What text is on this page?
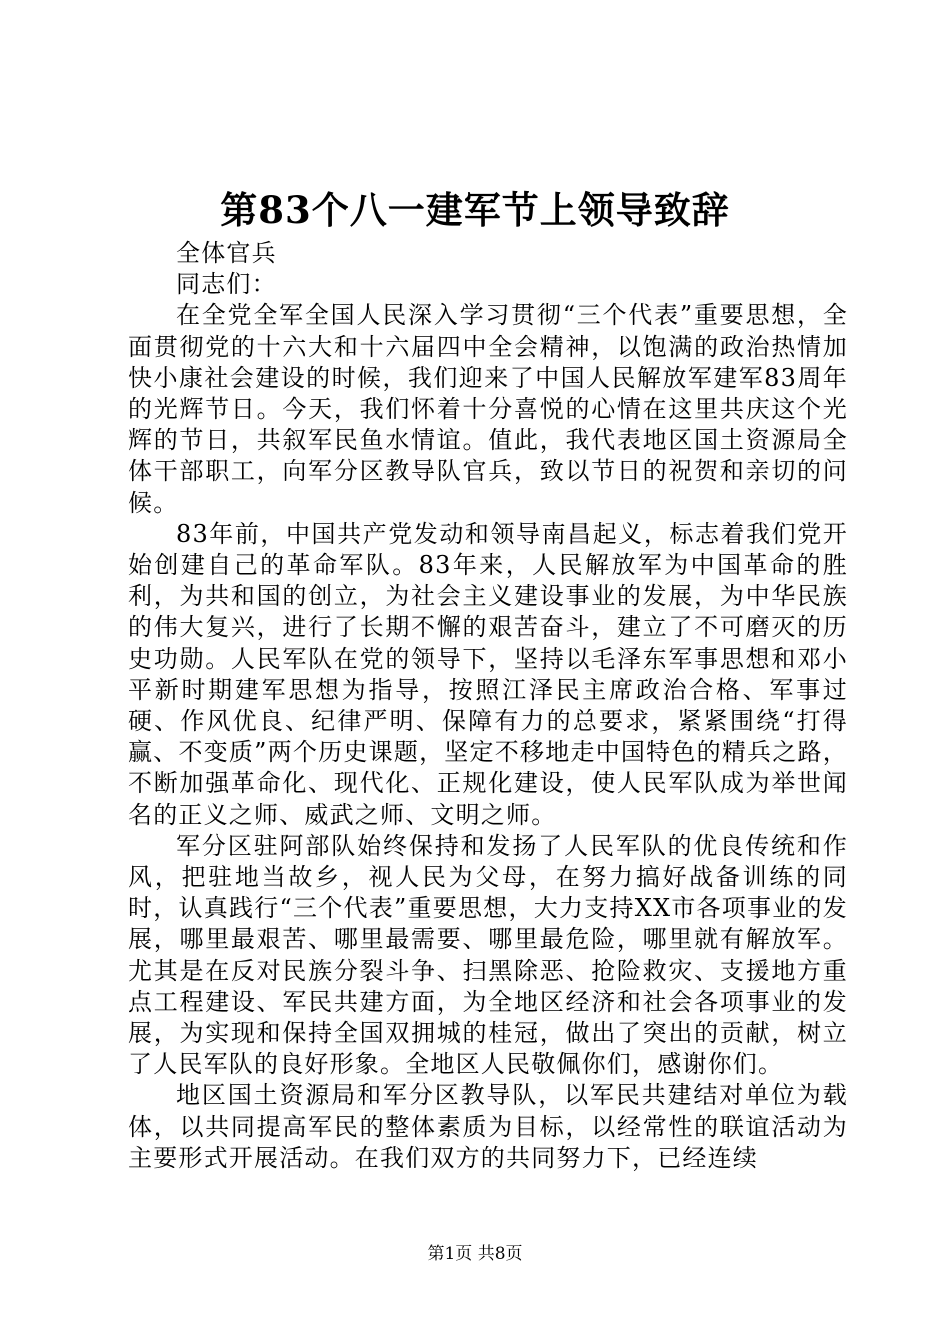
第83个八一建军节上领导致辞

全体官兵

同志们：

在全党全军全国人民深入学习贯彻“三个代表”重要思想，全面贯彻党的十六大和十六届四中全会精神，以饱满的政治热情加快小康社会建设的时候，我们迎来了中国人民解放军建军83周年的光辉节日。今天，我们怀着十分喜悦的心情在这里共庆这个光辉的节日，共叙军民鱼水情谊。值此，我代表地区国土资源局全体干部职工，向军分区教导队官兵，致以节日的祝贺和亲切的问候。

83年前，中国共产党发动和领导南昌起义，标志着我们党开始创建自己的革命军队。83年来，人民解放军为中国革命的胜利，为共和国的创立，为社会主义建设事业的发展，为中华民族的伟大复兴，进行了长期不懈的艰苦奋斗，建立了不可磨灭的历史功勋。人民军队在党的领导下，坚持以毛泽东军事思想和邓小平新时期建军思想为指导，按照江泽民主席政治合格、军事过硬、作风优良、纪律严明、保障有力的总要求，紧紧围绕“打得赢、不变质”两个历史课题，坚定不移地走中国特色的精兵之路，不断加强革命化、现代化、正规化建设，使人民军队成为举世闻名的正义之师、威武之师、文明之师。

军分区驻阿部队始终保持和发扬了人民军队的优良传统和作风，把驻地当故乡，视人民为父母，在努力搞好战备训练的同时，认真践行“三个代表”重要思想，大力支持XX市各项事业的发展，哪里最艰苦、哪里最需要、哪里最危险，哪里就有解放军。尤其是在反对民族分裂斗争、扫黑除恶、抢险救灾、支援地方重点工程建设、军民共建方面，为全地区经济和社会各项事业的发展，为实现和保持全国双拥城的桂冠，做出了突出的贡献，树立了人民军队的良好形象。全地区人民敬佩你们，感谢你们。

地区国土资源局和军分区教导队，以军民共建结对单位为载体，以共同提高军民的整体素质为目标，以经常性的联谊活动为主要形式开展活动。在我们双方的共同努力下，已经连续

第1页 共8页
